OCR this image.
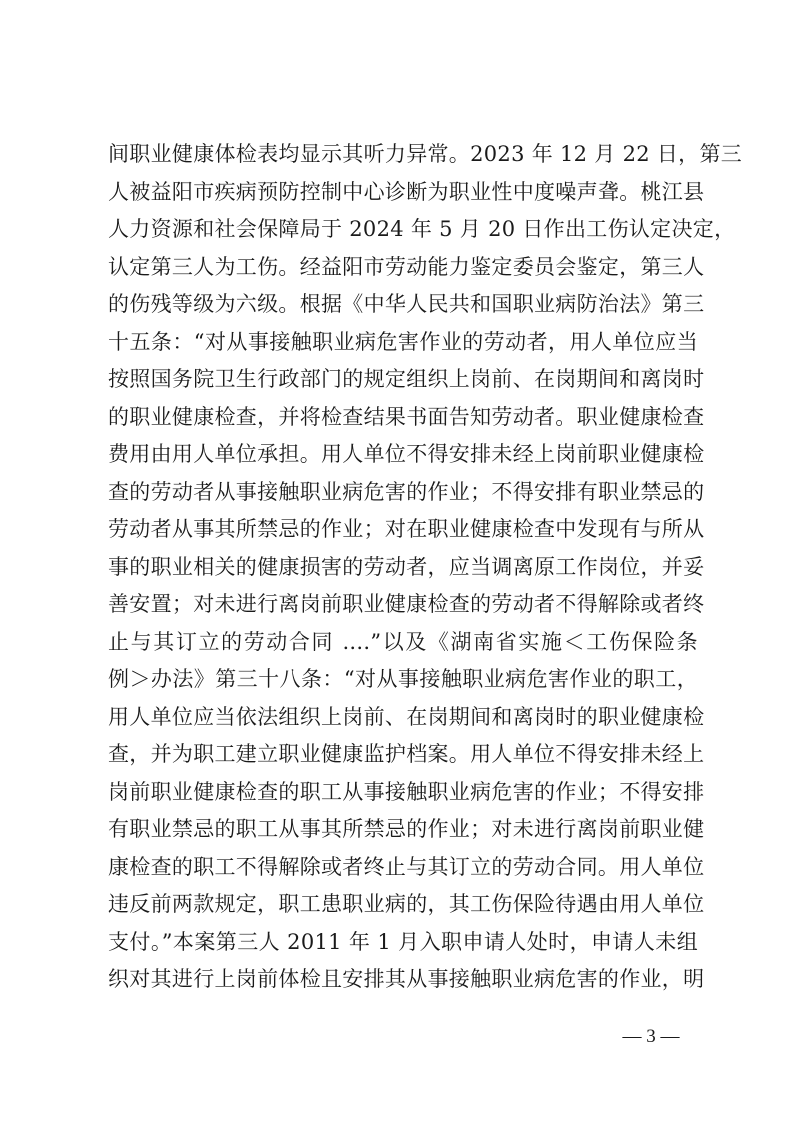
间职业健康体检表均显示其听力异常。2023 年 12 月 22 日，第三
人被益阳市疾病预防控制中心诊断为职业性中度噪声聋。桃江县
人力资源和社会保障局于 2024 年 5 月 20 日作出工伤认定决定，
认定第三人为工伤。经益阳市劳动能力鉴定委员会鉴定，第三人
的伤残等级为六级。根据《中华人民共和国职业病防治法》第三
十五条：“对从事接触职业病危害作业的劳动者，用人单位应当
按照国务院卫生行政部门的规定组织上岗前、在岗期间和离岗时
的职业健康检查，并将检查结果书面告知劳动者。职业健康检查
费用由用人单位承担。用人单位不得安排未经上岗前职业健康检
查的劳动者从事接触职业病危害的作业；不得安排有职业禁忌的
劳动者从事其所禁忌的作业；对在职业健康检查中发现有与所从
事的职业相关的健康损害的劳动者，应当调离原工作岗位，并妥
善安置；对未进行离岗前职业健康检查的劳动者不得解除或者终
止与其订立的劳动合同 ....”以及《湖南省实施＜工伤保险条
例＞办法》第三十八条：“对从事接触职业病危害作业的职工，
用人单位应当依法组织上岗前、在岗期间和离岗时的职业健康检
查，并为职工建立职业健康监护档案。用人单位不得安排未经上
岗前职业健康检查的职工从事接触职业病危害的作业；不得安排
有职业禁忌的职工从事其所禁忌的作业；对未进行离岗前职业健
康检查的职工不得解除或者终止与其订立的劳动合同。用人单位
违反前两款规定，职工患职业病的，其工伤保险待遇由用人单位
支付。”本案第三人 2011 年 1 月入职申请人处时，申请人未组
织对其进行上岗前体检且安排其从事接触职业病危害的作业，明
— 3 —
